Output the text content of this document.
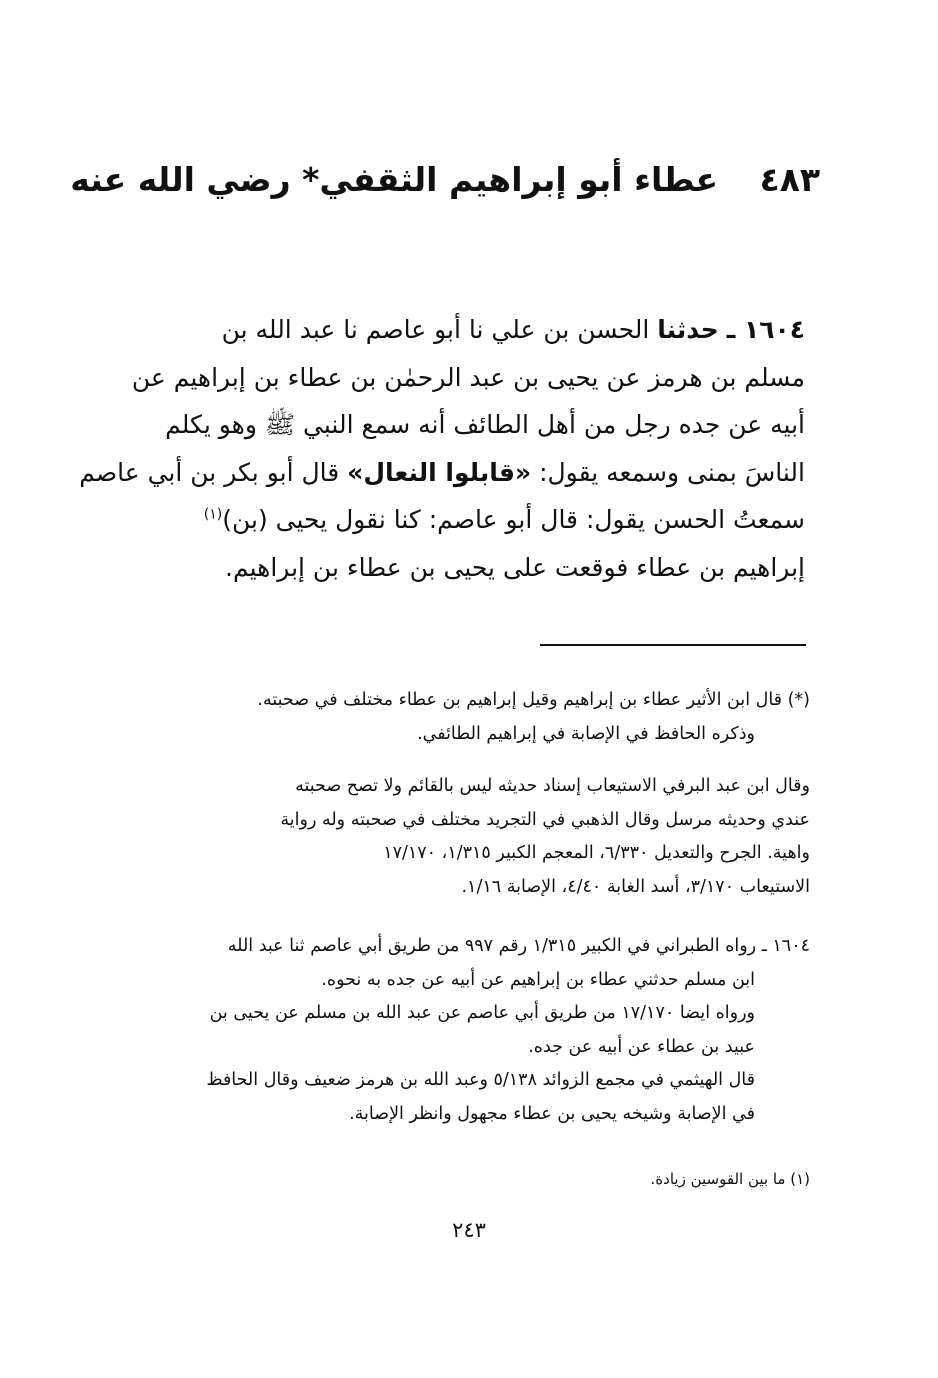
٤٨٣ عطاء أبو إبراهيم الثقفي* رضي الله عنه
١٦٠٤ ـ حدثنا الحسن بن علي نا أبو عاصم نا عبد الله بن
مسلم بن هرمز عن يحيى بن عبد الرحمٰن بن عطاء بن إبراهيم عن
أبيه عن جده رجل من أهل الطائف أنه سمع النبي ﷺ وهو يكلم
الناسَ بمنى وسمعه يقول: «قابلوا النعال» قال أبو بكر بن أبي عاصم
سمعتُ الحسن يقول: قال أبو عاصم: كنا نقول يحيى (بن)$^{(١)}$
إبراهيم بن عطاء فوقعت على يحيى بن عطاء بن إبراهيم.
(*) قال ابن الأثير عطاء بن إبراهيم وقيل إبراهيم بن عطاء مختلف في صحبته.
وذكره الحافظ في الإصابة في إبراهيم الطائفي.
وقال ابن عبد البرفي الاستيعاب إسناد حديثه ليس بالقائم ولا تصح صحبته
عندي وحديثه مرسل وقال الذهبي في التجريد مختلف في صحبته وله رواية
واهية. الجرح والتعديل ٦/٣٣٠، المعجم الكبير ١/٣١٥، ١٧/١٧٠
الاستيعاب ٣/١٧٠، أسد الغابة ٤/٤٠، الإصابة ١/١٦.
١٦٠٤ ـ رواه الطبراني في الكبير ١/٣١٥ رقم ٩٩٧ من طريق أبي عاصم ثنا عبد الله
ابن مسلم حدثني عطاء بن إبراهيم عن أبيه عن جده به نحوه.
ورواه ايضا ١٧/١٧٠ من طريق أبي عاصم عن عبد الله بن مسلم عن يحيى بن
عبيد بن عطاء عن أبيه عن جده.
قال الهيثمي في مجمع الزوائد ٥/١٣٨ وعبد الله بن هرمز ضعيف وقال الحافظ
في الإصابة وشيخه يحيى بن عطاء مجهول وانظر الإصابة.
(١) ما بين القوسين زيادة.
٢٤٣
